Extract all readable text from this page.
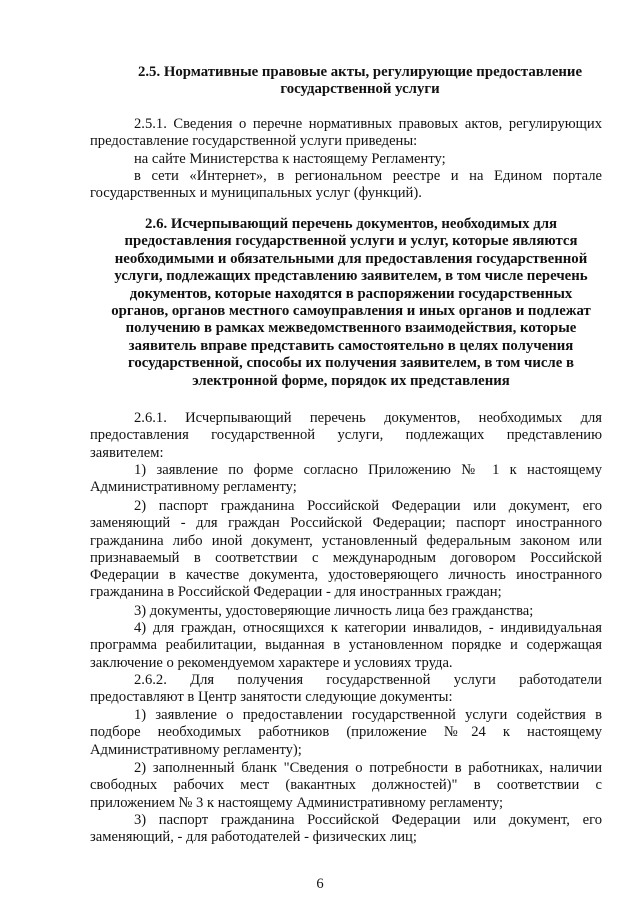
2.5. Нормативные правовые акты, регулирующие предоставление
государственной услуги
2.5.1. Сведения о перечне нормативных правовых актов, регулирующих
предоставление государственной услуги приведены:
на сайте Министерства к настоящему Регламенту;
в сети «Интернет», в региональном реестре и на Едином портале
государственных и муниципальных услуг (функций).
2.6. Исчерпывающий перечень документов, необходимых для
предоставления государственной услуги и услуг, которые являются
необходимыми и обязательными для предоставления государственной
услуги, подлежащих представлению заявителем, в том числе перечень
документов, которые находятся в распоряжении государственных
органов, органов местного самоуправления и иных органов и подлежат
получению в рамках межведомственного взаимодействия, которые
заявитель вправе представить самостоятельно в целях получения
государственной, способы их получения заявителем, в том числе в
электронной форме, порядок их представления
2.6.1. Исчерпывающий перечень документов, необходимых для
предоставления государственной услуги, подлежащих представлению
заявителем:
1) заявление по форме согласно Приложению № 1 к настоящему
Административному регламенту;
2) паспорт гражданина Российской Федерации или документ, его
заменяющий - для граждан Российской Федерации; паспорт иностранного
гражданина либо иной документ, установленный федеральным законом или
признаваемый в соответствии с международным договором Российской
Федерации в качестве документа, удостоверяющего личность иностранного
гражданина в Российской Федерации - для иностранных граждан;
3) документы, удостоверяющие личность лица без гражданства;
4) для граждан, относящихся к категории инвалидов, - индивидуальная
программа реабилитации, выданная в установленном порядке и содержащая
заключение о рекомендуемом характере и условиях труда.
2.6.2. Для получения государственной услуги работодатели
предоставляют в Центр занятости следующие документы:
1) заявление о предоставлении государственной услуги содействия в
подборе необходимых работников (приложение №24 к настоящему
Административному регламенту);
2) заполненный бланк "Сведения о потребности в работниках, наличии
свободных рабочих мест (вакантных должностей)" в соответствии с
приложением № 3 к настоящему Административному регламенту;
3) паспорт гражданина Российской Федерации или документ, его
заменяющий, - для работодателей - физических лиц;
6
